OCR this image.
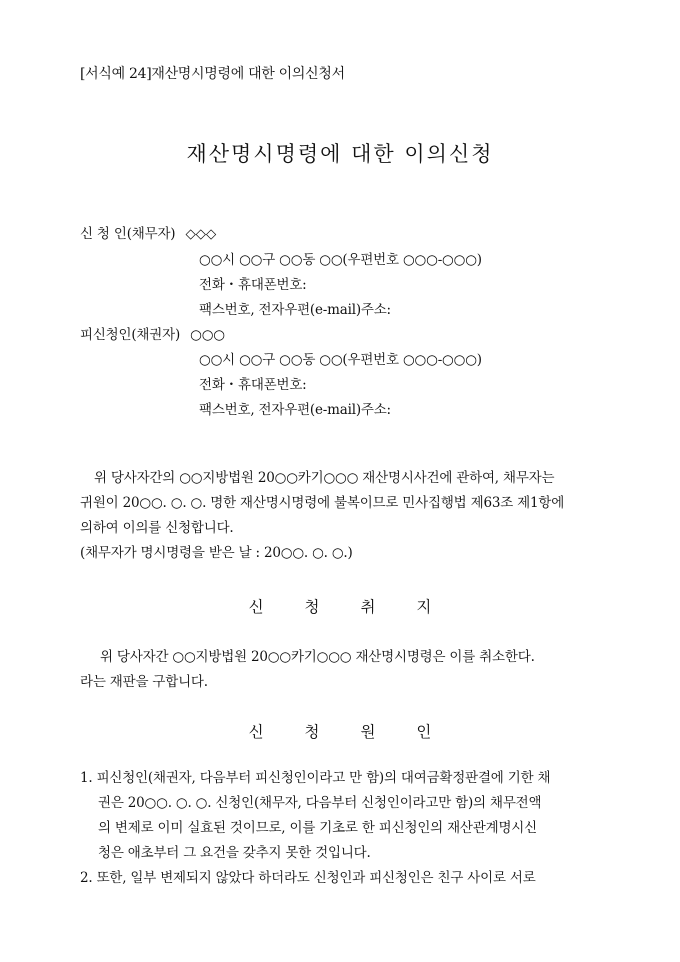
[서식예 24]재산명시명령에 대한 이의신청서
재산명시명령에 대한 이의신청
신 청 인(채무자) ◇◇◇
○○시 ○○구 ○○동 ○○(우편번호 ○○○-○○○)
전화・휴대폰번호:
팩스번호, 전자우편(e-mail)주소:
피신청인(채권자) ○○○
○○시 ○○구 ○○동 ○○(우편번호 ○○○-○○○)
전화・휴대폰번호:
팩스번호, 전자우편(e-mail)주소:
위 당사자간의 ○○지방법원 20○○카기○○○ 재산명시사건에 관하여, 채무자는
귀원이 20○○. ○. ○. 명한 재산명시명령에 불복이므로 민사집행법 제63조 제1항에
의하여 이의를 신청합니다.
(채무자가 명시명령을 받은 날 : 20○○. ○. ○.)
신 청 취 지
위 당사자간 ○○지방법원 20○○카기○○○ 재산명시명령은 이를 취소한다.
라는 재판을 구합니다.
신 청 원 인
1. 피신청인(채권자, 다음부터 피신청인이라고 만 함)의 대여금확정판결에 기한 채
권은 20○○. ○. ○. 신청인(채무자, 다음부터 신청인이라고만 함)의 채무전액
의 변제로 이미 실효된 것이므로, 이를 기초로 한 피신청인의 재산관계명시신
청은 애초부터 그 요건을 갖추지 못한 것입니다.
2. 또한, 일부 변제되지 않았다 하더라도 신청인과 피신청인은 친구 사이로 서로
